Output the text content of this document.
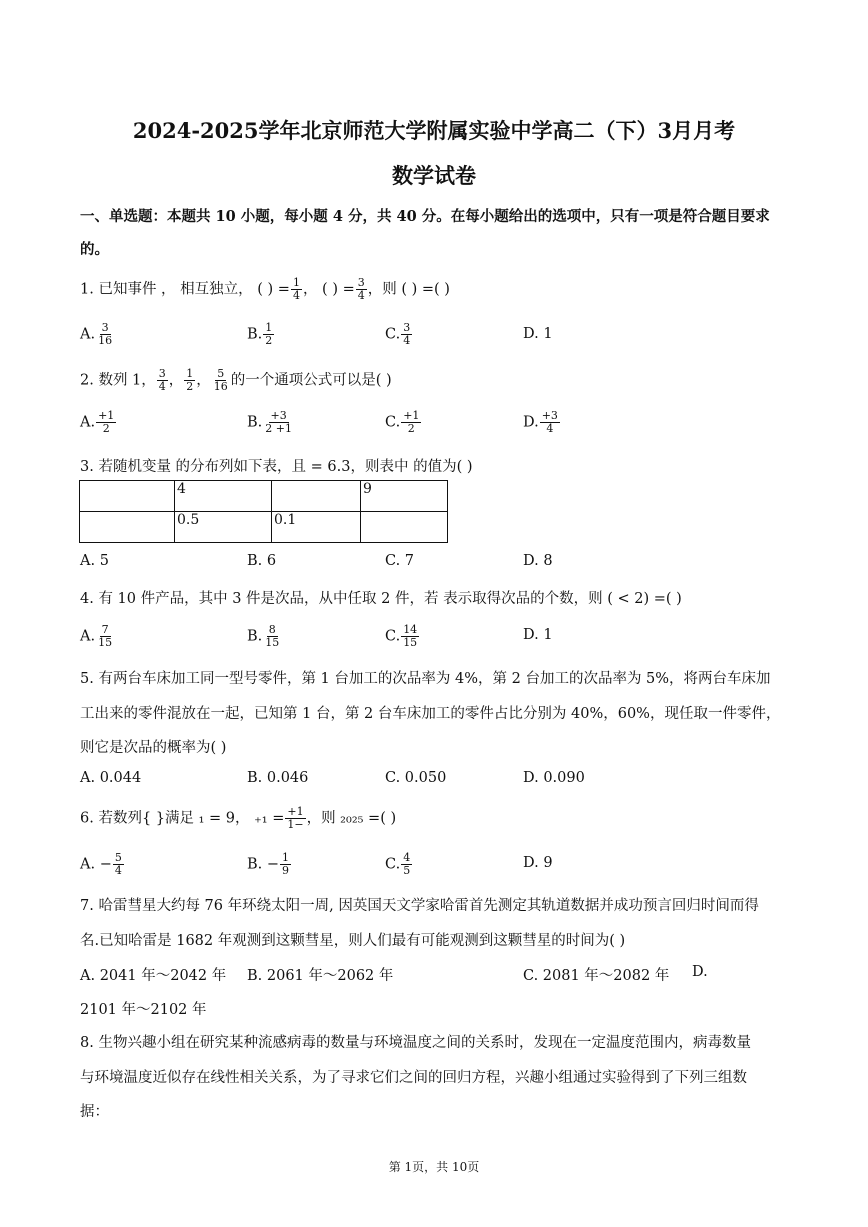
2024-2025学年北京师范大学附属实验中学高二（下）3月月考
数学试卷
一、单选题：本题共 10 小题，每小题 4 分，共 40 分。在每小题给出的选项中，只有一项是符合题目要求
的。
1. 已知事件 ， 相互独立， ( ) = $\frac{1}{4}$ ， ( ) = $\frac{3}{4}$ ，则 ( ) =( )
A. $\frac{3}{16}$	B. $\frac{1}{2}$	C. $\frac{3}{4}$	D. 1
2. 数列 1， $\frac{3}{4}$ ， $\frac{1}{2}$ ， $\frac{5}{16}$ 的一个通项公式可以是( )
A. $\frac{+1}{2}$	B. $\frac{+3}{2 +1}$	C. $\frac{+1}{2}$	D. $\frac{+3}{4}$
3. 若随机变量 的分布列如下表，且 = 6.3，则表中 的值为( )
	4		9
	0.5	0.1	
A. 5	B. 6	C. 7	D. 8
4. 有 10 件产品，其中 3 件是次品，从中任取 2 件，若 表示取得次品的个数，则 ( < 2) =( )
A. $\frac{7}{15}$	B. $\frac{8}{15}$	C. $\frac{14}{15}$	D. 1
5. 有两台车床加工同一型号零件，第 1 台加工的次品率为 4%，第 2 台加工的次品率为 5%，将两台车床加
工出来的零件混放在一起，已知第 1 台，第 2 台车床加工的零件占比分别为 40%，60%，现任取一件零件，
则它是次品的概率为( )
A. 0.044	B. 0.046	C. 0.050	D. 0.090
6. 若数列{ }满足 ₁ = 9， $_{+1} = \frac{+1}{1-}$ ，则 ₂₀₂₅ =( )
A. − $\frac{5}{4}$	B. − $\frac{1}{9}$	C. $\frac{4}{5}$	D. 9
7. 哈雷彗星大约每 76 年环绕太阳一周, 因英国天文学家哈雷首先测定其轨道数据并成功预言回归时间而得
名.已知哈雷是 1682 年观测到这颗彗星，则人们最有可能观测到这颗彗星的时间为( )
A. 2041 年～2042 年 B. 2061 年～2062 年	C. 2081 年～2082 年 D.
2101 年～2102 年
8. 生物兴趣小组在研究某种流感病毒的数量与环境温度之间的关系时，发现在一定温度范围内，病毒数量
与环境温度近似存在线性相关关系，为了寻求它们之间的回归方程，兴趣小组通过实验得到了下列三组数
据：
第 1页，共 10页
